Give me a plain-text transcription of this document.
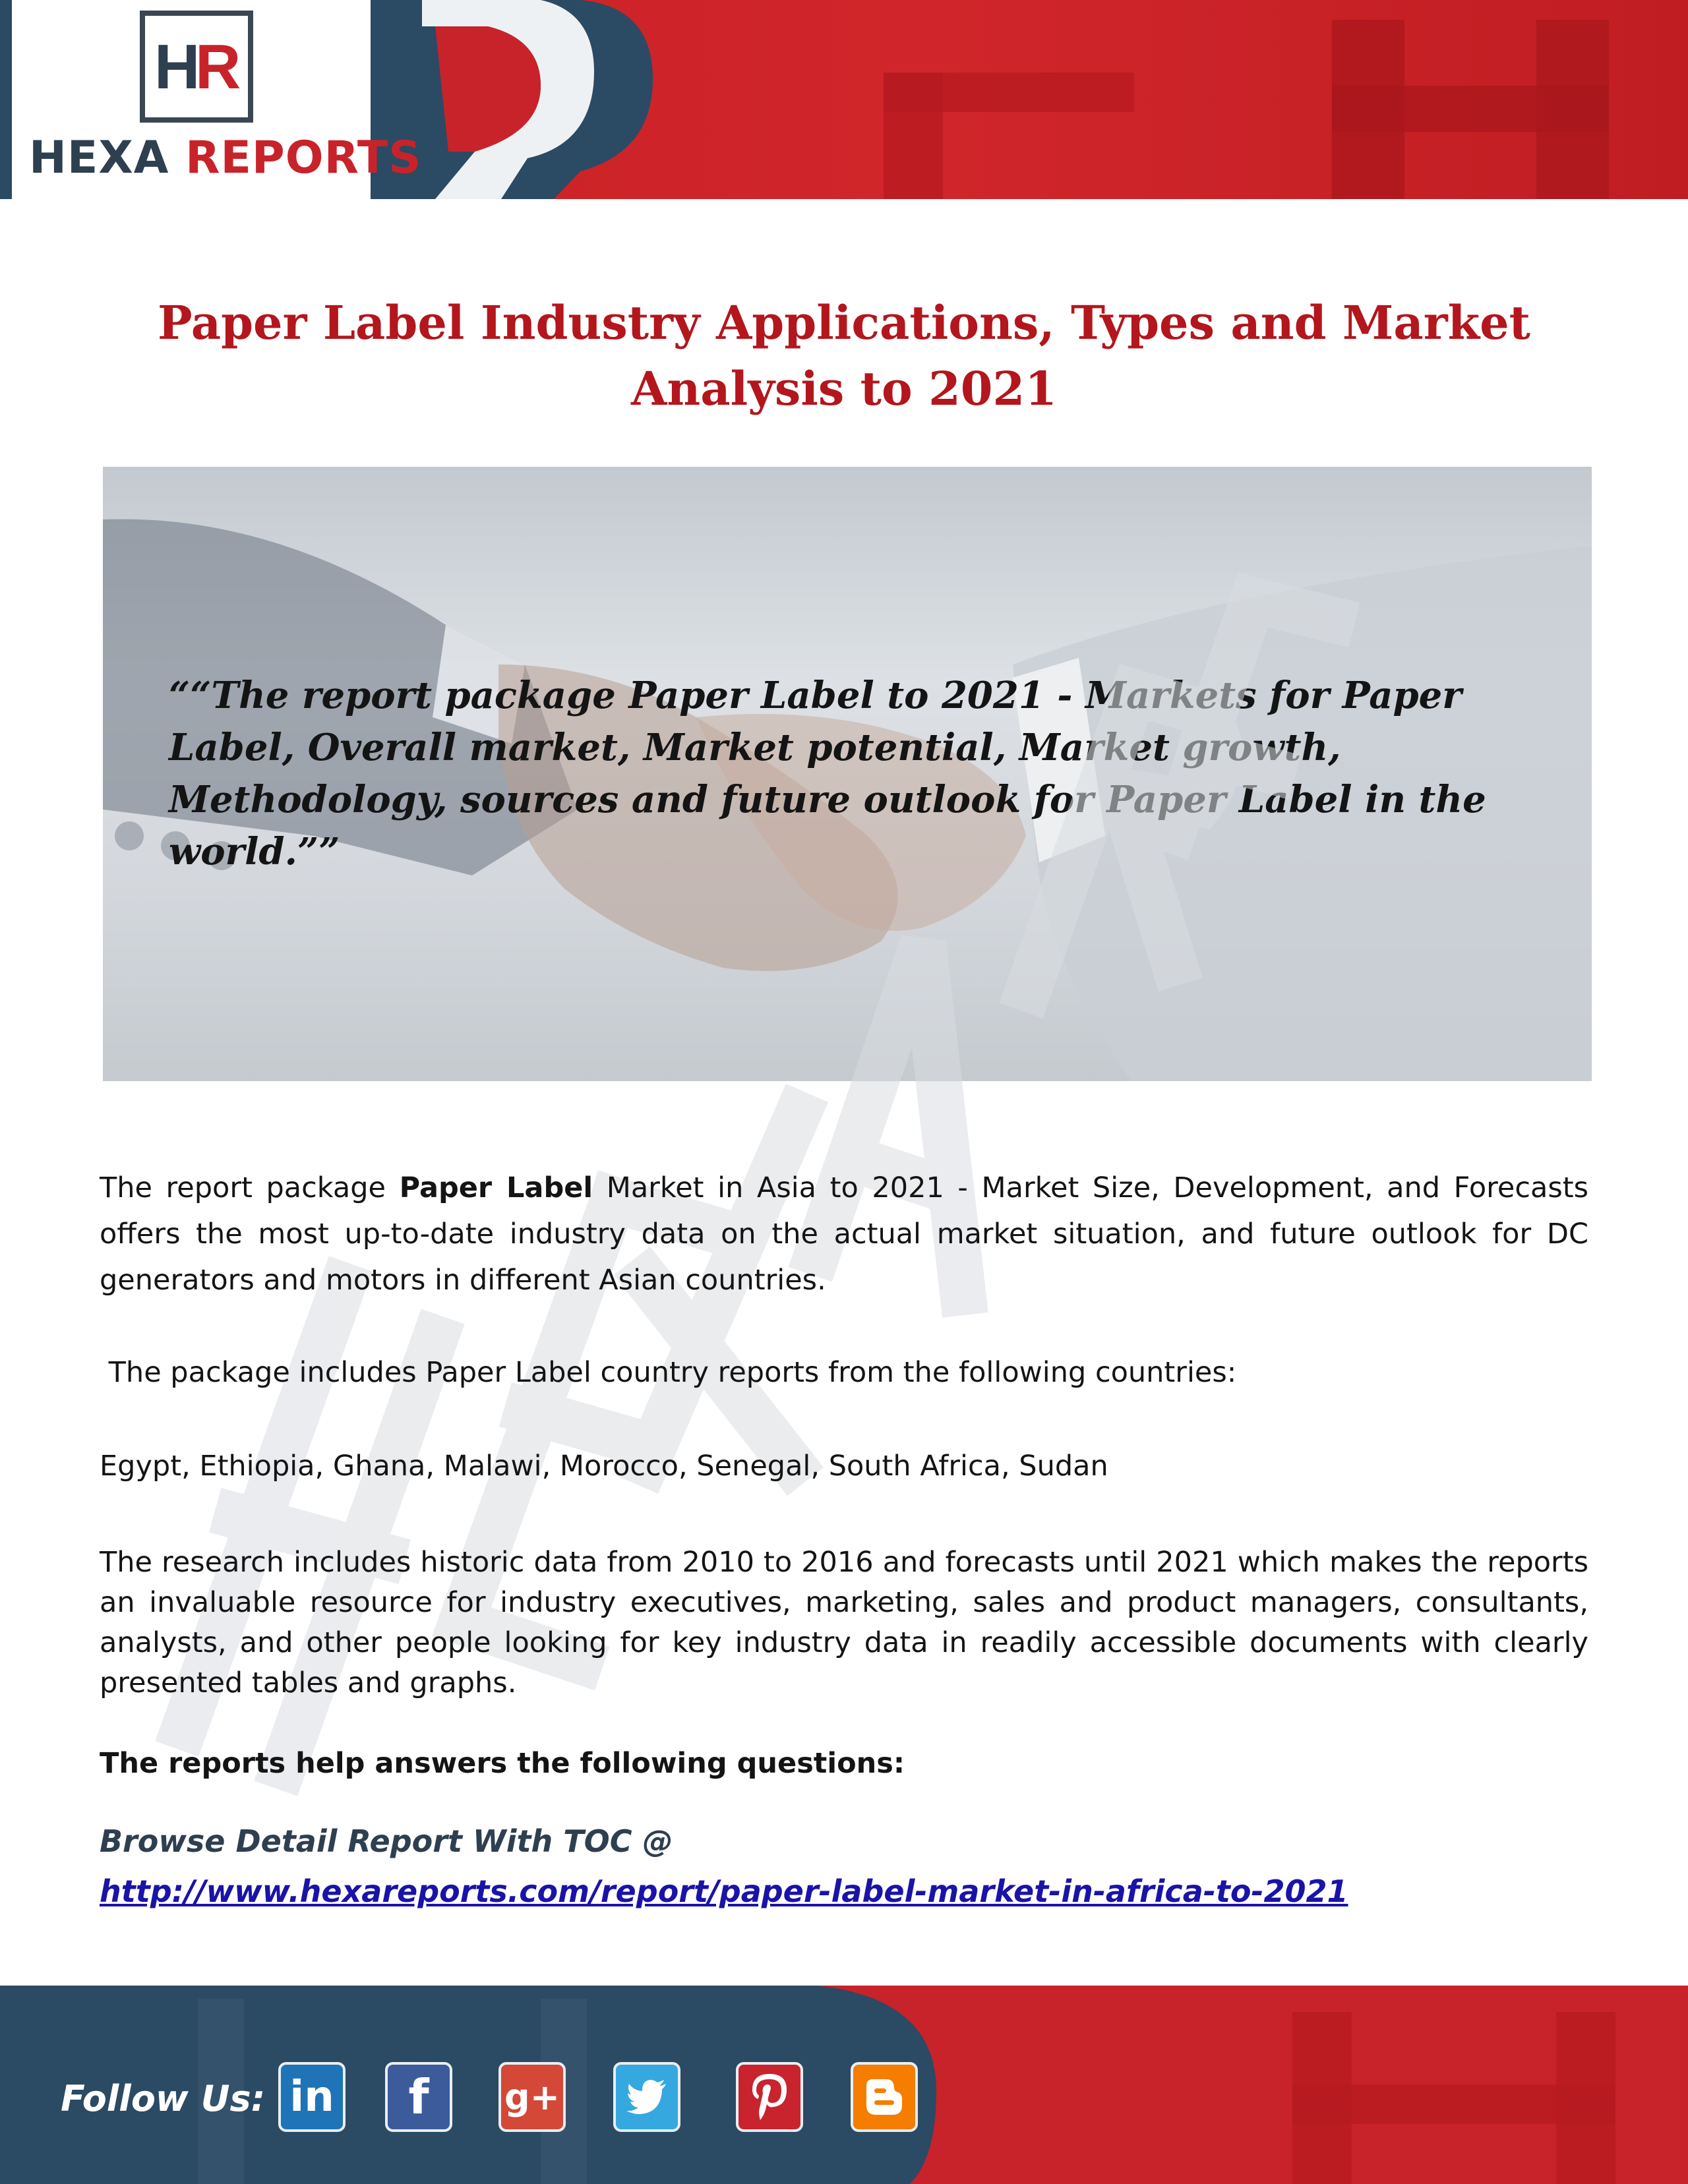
H
R
HEXA REPORTS
Paper Label Industry Applications, Types and Market Analysis to 2021
““The report package Paper Label to 2021 - Markets for Paper Label, Overall market, Market potential, Market growth, Methodology, sources and future outlook for Paper Label in the world.””
The report package Paper Label Market in Asia to 2021 - Market Size, Development, and Forecasts offers the most up-to-date industry data on the actual market situation, and future outlook for DC generators and motors in different Asian countries.
The package includes Paper Label country reports from the following countries:
Egypt, Ethiopia, Ghana, Malawi, Morocco, Senegal, South Africa, Sudan
The research includes historic data from 2010 to 2016 and forecasts until 2021 which makes the reports an invaluable resource for industry executives, marketing, sales and product managers, consultants, analysts, and other people looking for key industry data in readily accessible documents with clearly presented tables and graphs.
The reports help answers the following questions:
Browse Detail Report With TOC @
http://www.hexareports.com/report/paper-label-market-in-africa-to-2021
Follow Us: in	f	g+
